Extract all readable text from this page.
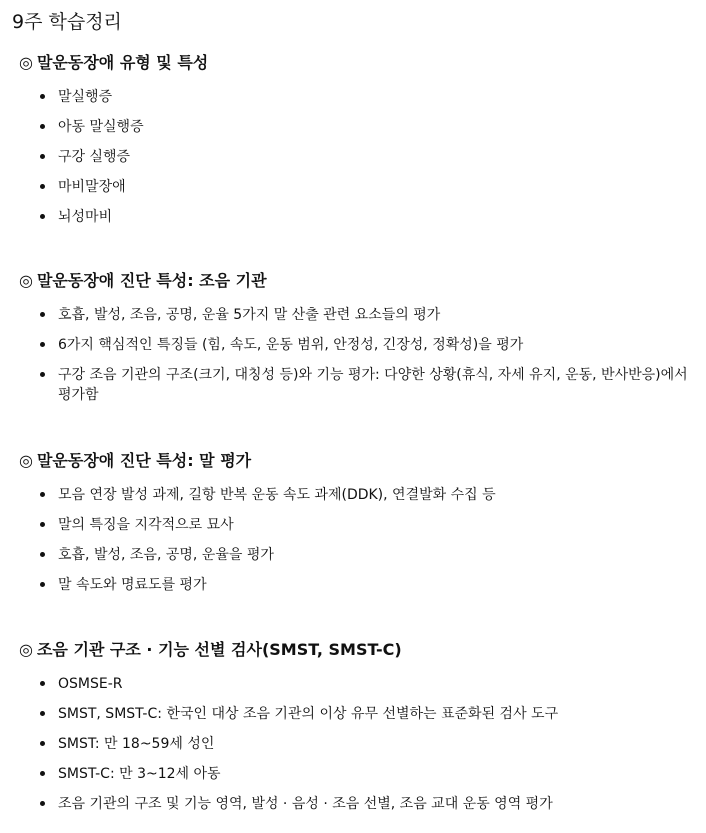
9주 학습정리
◎ 말운동장애 유형 및 특성
말실행증
아동 말실행증
구강 실행증
마비말장애
뇌성마비
◎ 말운동장애 진단 특성: 조음 기관
호흡, 발성, 조음, 공명, 운율 5가지 말 산출 관련 요소들의 평가
6가지 핵심적인 특징들 (힘, 속도, 운동 범위, 안정성, 긴장성, 정확성)을 평가
구강 조음 기관의 구조(크기, 대칭성 등)와 기능 평가: 다양한 상황(휴식, 자세 유지, 운동, 반사반응)에서 평가함
◎ 말운동장애 진단 특성: 말 평가
모음 연장 발성 과제, 길항 반복 운동 속도 과제(DDK), 연결발화 수집 등
말의 특징을 지각적으로 묘사
호흡, 발성, 조음, 공명, 운율을 평가
말 속도와 명료도를 평가
◎ 조음 기관 구조 · 기능 선별 검사(SMST, SMST-C)
OSMSE-R
SMST, SMST-C: 한국인 대상 조음 기관의 이상 유무 선별하는 표준화된 검사 도구
SMST: 만 18~59세 성인
SMST-C: 만 3~12세 아동
조음 기관의 구조 및 기능 영역, 발성 · 음성 · 조음 선별, 조음 교대 운동 영역 평가
